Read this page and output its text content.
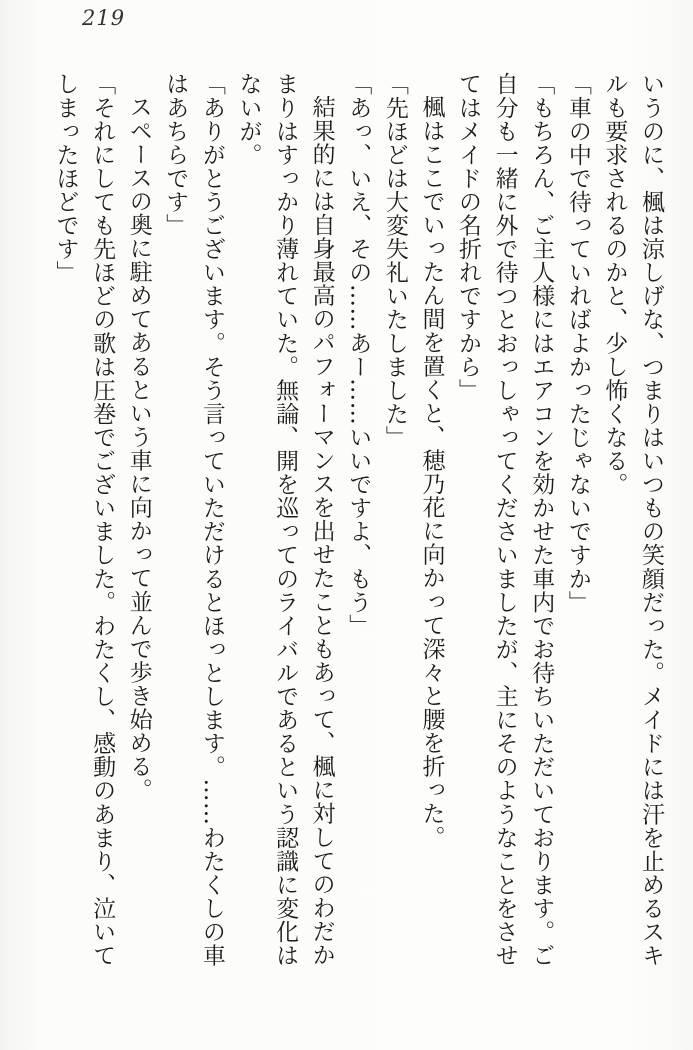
219
いうのに、楓は涼しげな、つまりはいつもの笑顔だった。メイドには汗を止めるスキ
ルも要求されるのかと、少し怖くなる。
「車の中で待っていればよかったじゃないですか」
「もちろん、ご主人様にはエアコンを効かせた車内でお待ちいただいております。ご
自分も一緒に外で待つとおっしゃってくださいましたが、主にそのようなことをさせ
てはメイドの名折れですから」
楓はここでいったん間を置くと、穂乃花に向かって深々と腰を折った。
「先ほどは大変失礼いたしました」
「あっ、いえ、その……あー……いいですよ、もう」
結果的には自身最高のパフォーマンスを出せたこともあって、楓に対してのわだか
まりはすっかり薄れていた。無論、開を巡ってのライバルであるという認識に変化は
ないが。
「ありがとうございます。そう言っていただけるとほっとします。……わたくしの車
はあちらです」
スペースの奥に駐めてあるという車に向かって並んで歩き始める。
「それにしても先ほどの歌は圧巻でございました。わたくし、感動のあまり、泣いて
しまったほどです」
